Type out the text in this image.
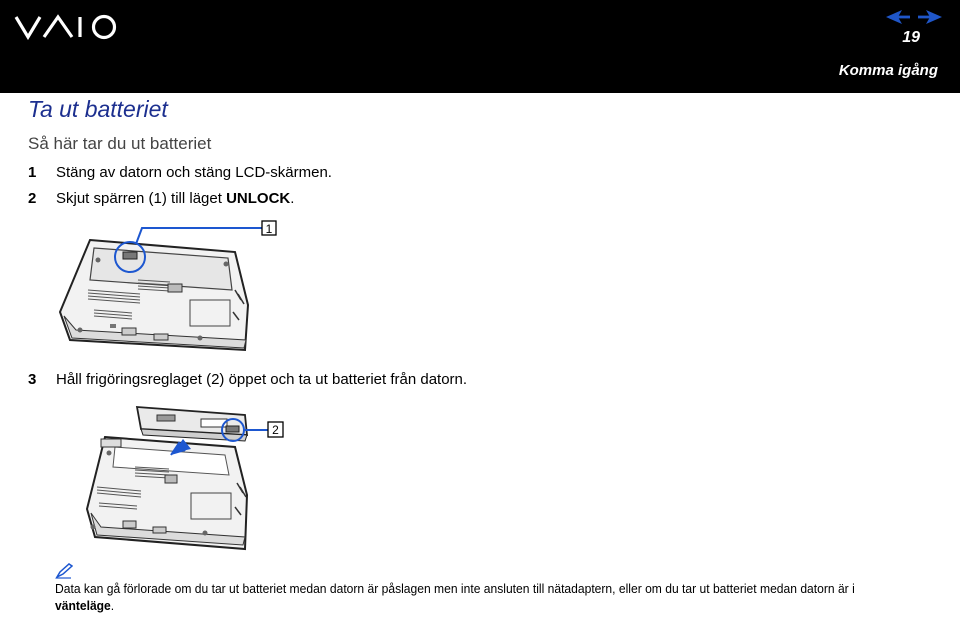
19
Komma igång
Ta ut batteriet
Så här tar du ut batteriet
1 Stäng av datorn och stäng LCD-skärmen.
2 Skjut spärren (1) till läget UNLOCK.
1
3 Håll frigöringsreglaget (2) öppet och ta ut batteriet från datorn.
2
Data kan gå förlorade om du tar ut batteriet medan datorn är påslagen men inte ansluten till nätadaptern, eller om du tar ut batteriet medan datorn är i vänteläge.
